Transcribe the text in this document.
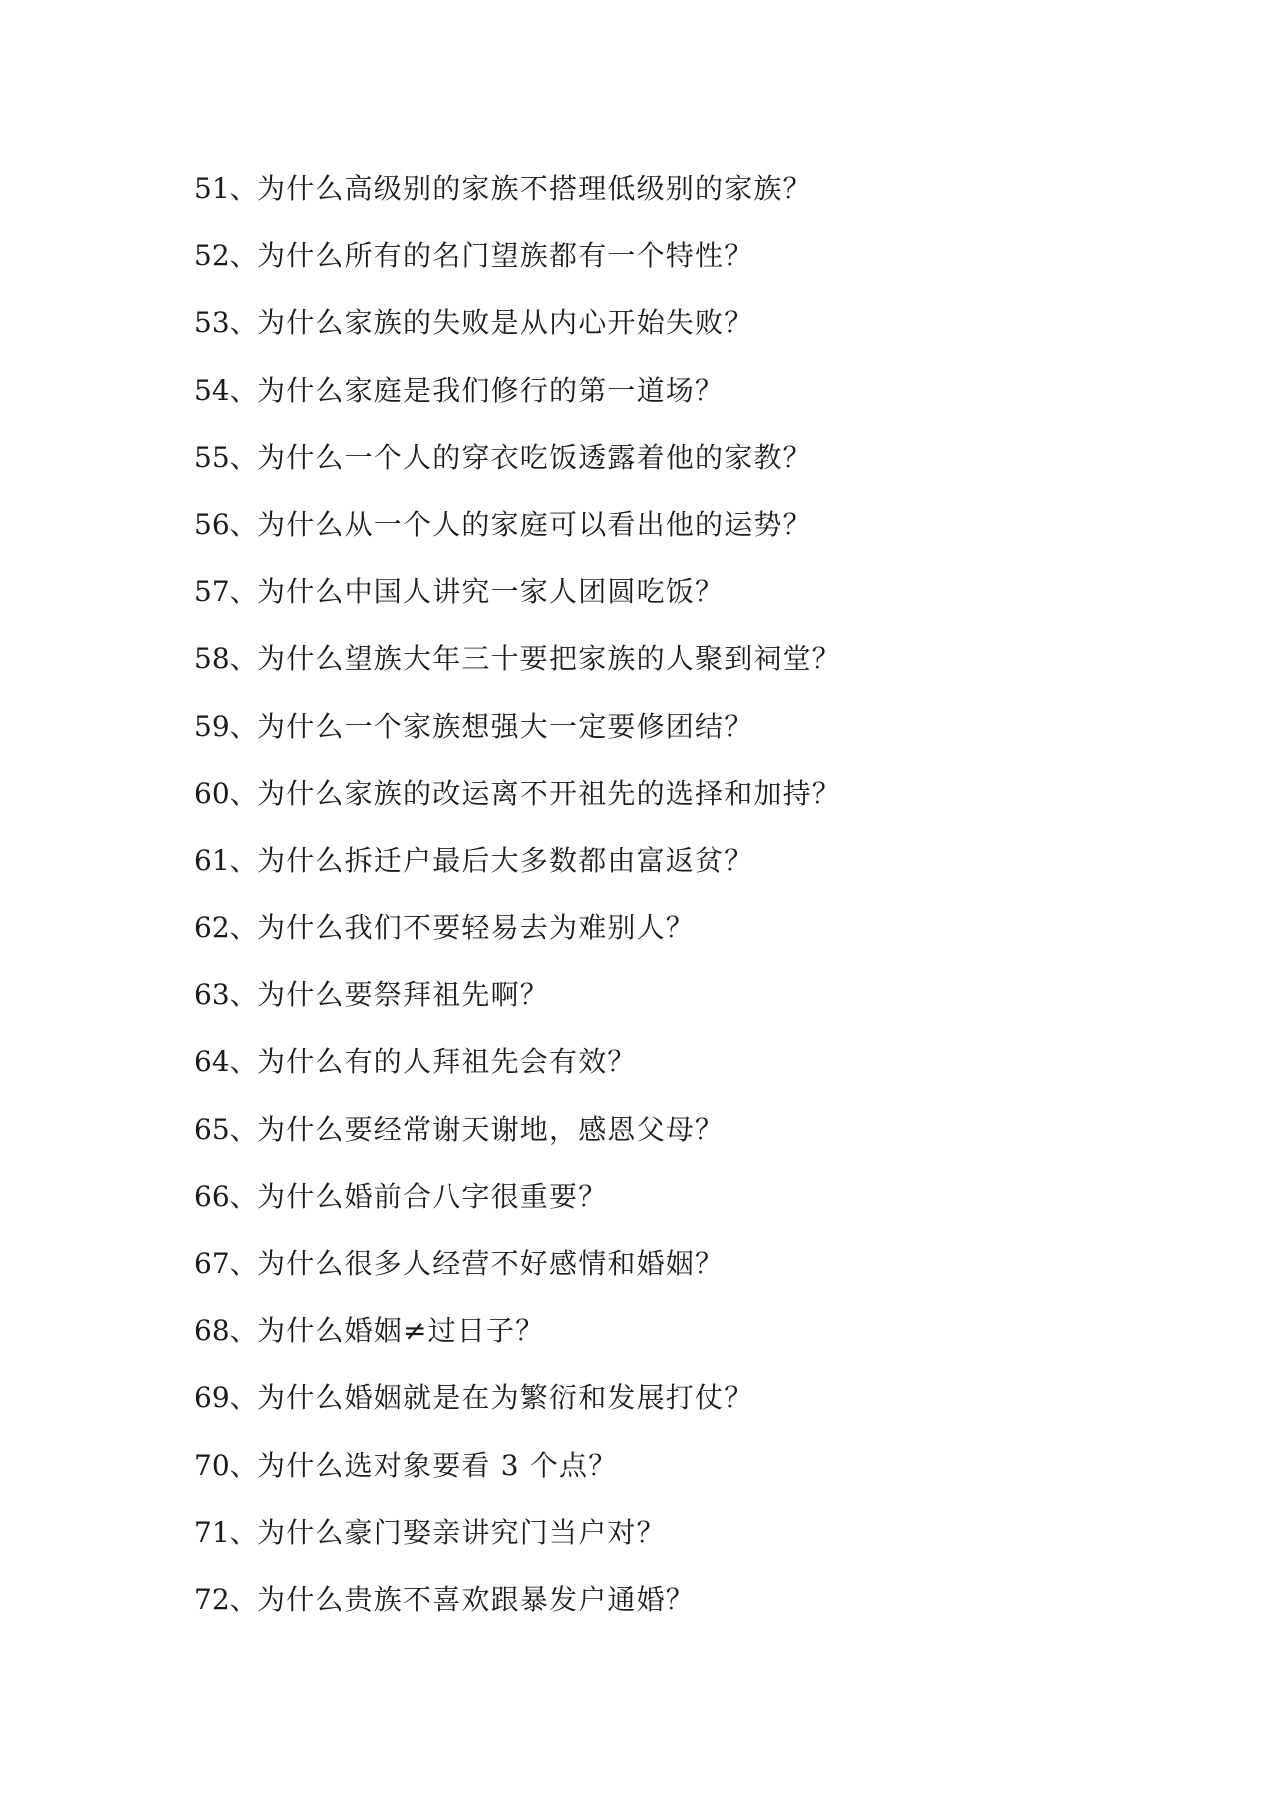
51、 为什么高级别的家族不搭理低级别的家族？
52、 为什么所有的名门望族都有一个特性？
53、 为什么家族的失败是从内心开始失败？
54、 为什么家庭是我们修行的第一道场？
55、 为什么一个人的穿衣吃饭透露着他的家教？
56、 为什么从一个人的家庭可以看出他的运势？
57、 为什么中国人讲究一家人团圆吃饭？
58、 为什么望族大年三十要把家族的人聚到祠堂？
59、 为什么一个家族想强大一定要修团结？
60、 为什么家族的改运离不开祖先的选择和加持？
61、 为什么拆迁户最后大多数都由富返贫？
62、 为什么我们不要轻易去为难别人？
63、 为什么要祭拜祖先啊？
64、 为什么有的人拜祖先会有效？
65、 为什么要经常谢天谢地，感恩父母？
66、 为什么婚前合八字很重要？
67、 为什么很多人经营不好感情和婚姻？
68、 为什么婚姻≠过日子？
69、 为什么婚姻就是在为繁衍和发展打仗？
70、 为什么选对象要看 3 个点？
71、 为什么豪门娶亲讲究门当户对？
72、 为什么贵族不喜欢跟暴发户通婚？
